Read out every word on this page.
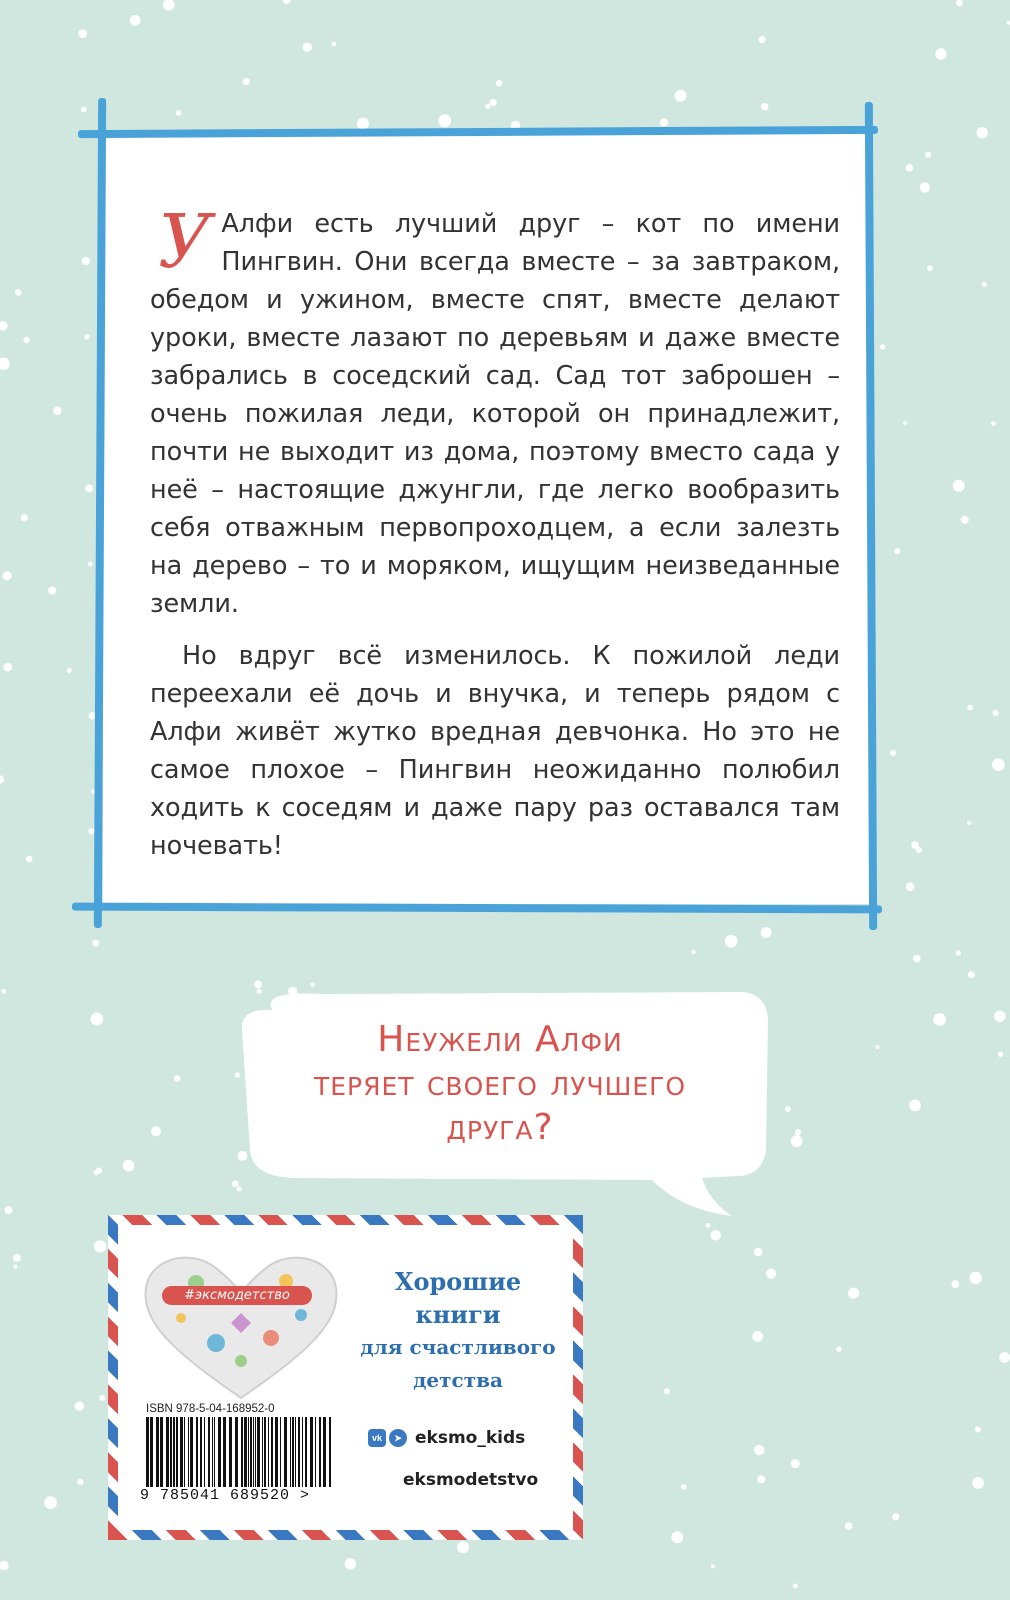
У Алфи есть лучший друг – кот по имени Пингвин. Они всегда вместе – за завтраком, обедом и ужином, вместе спят, вместе делают уроки, вместе лазают по деревьям и даже вместе забрались в соседский сад. Сад тот заброшен – очень пожилая леди, которой он принадлежит, почти не выходит из дома, поэтому вместо сада у неё – настоящие джунгли, где легко вообразить себя отважным первопроходцем, а если залезть на дерево – то и моряком, ищущим неизведанные земли.

Но вдруг всё изменилось. К пожилой леди переехали её дочь и внучка, и теперь рядом с Алфи живёт жутко вредная девчонка. Но это не самое плохое – Пингвин неожиданно полюбил ходить к соседям и даже пару раз оставался там ночевать!

Неужели Алфи
теряет своего лучшего
друга?
#эксмодетство	Хорошие
книги
для счастливого
детства
ISBN 978-5-04-168952-0
9 785041 689520 >
vk	➤ eksmo_kids
eksmodetstvo
